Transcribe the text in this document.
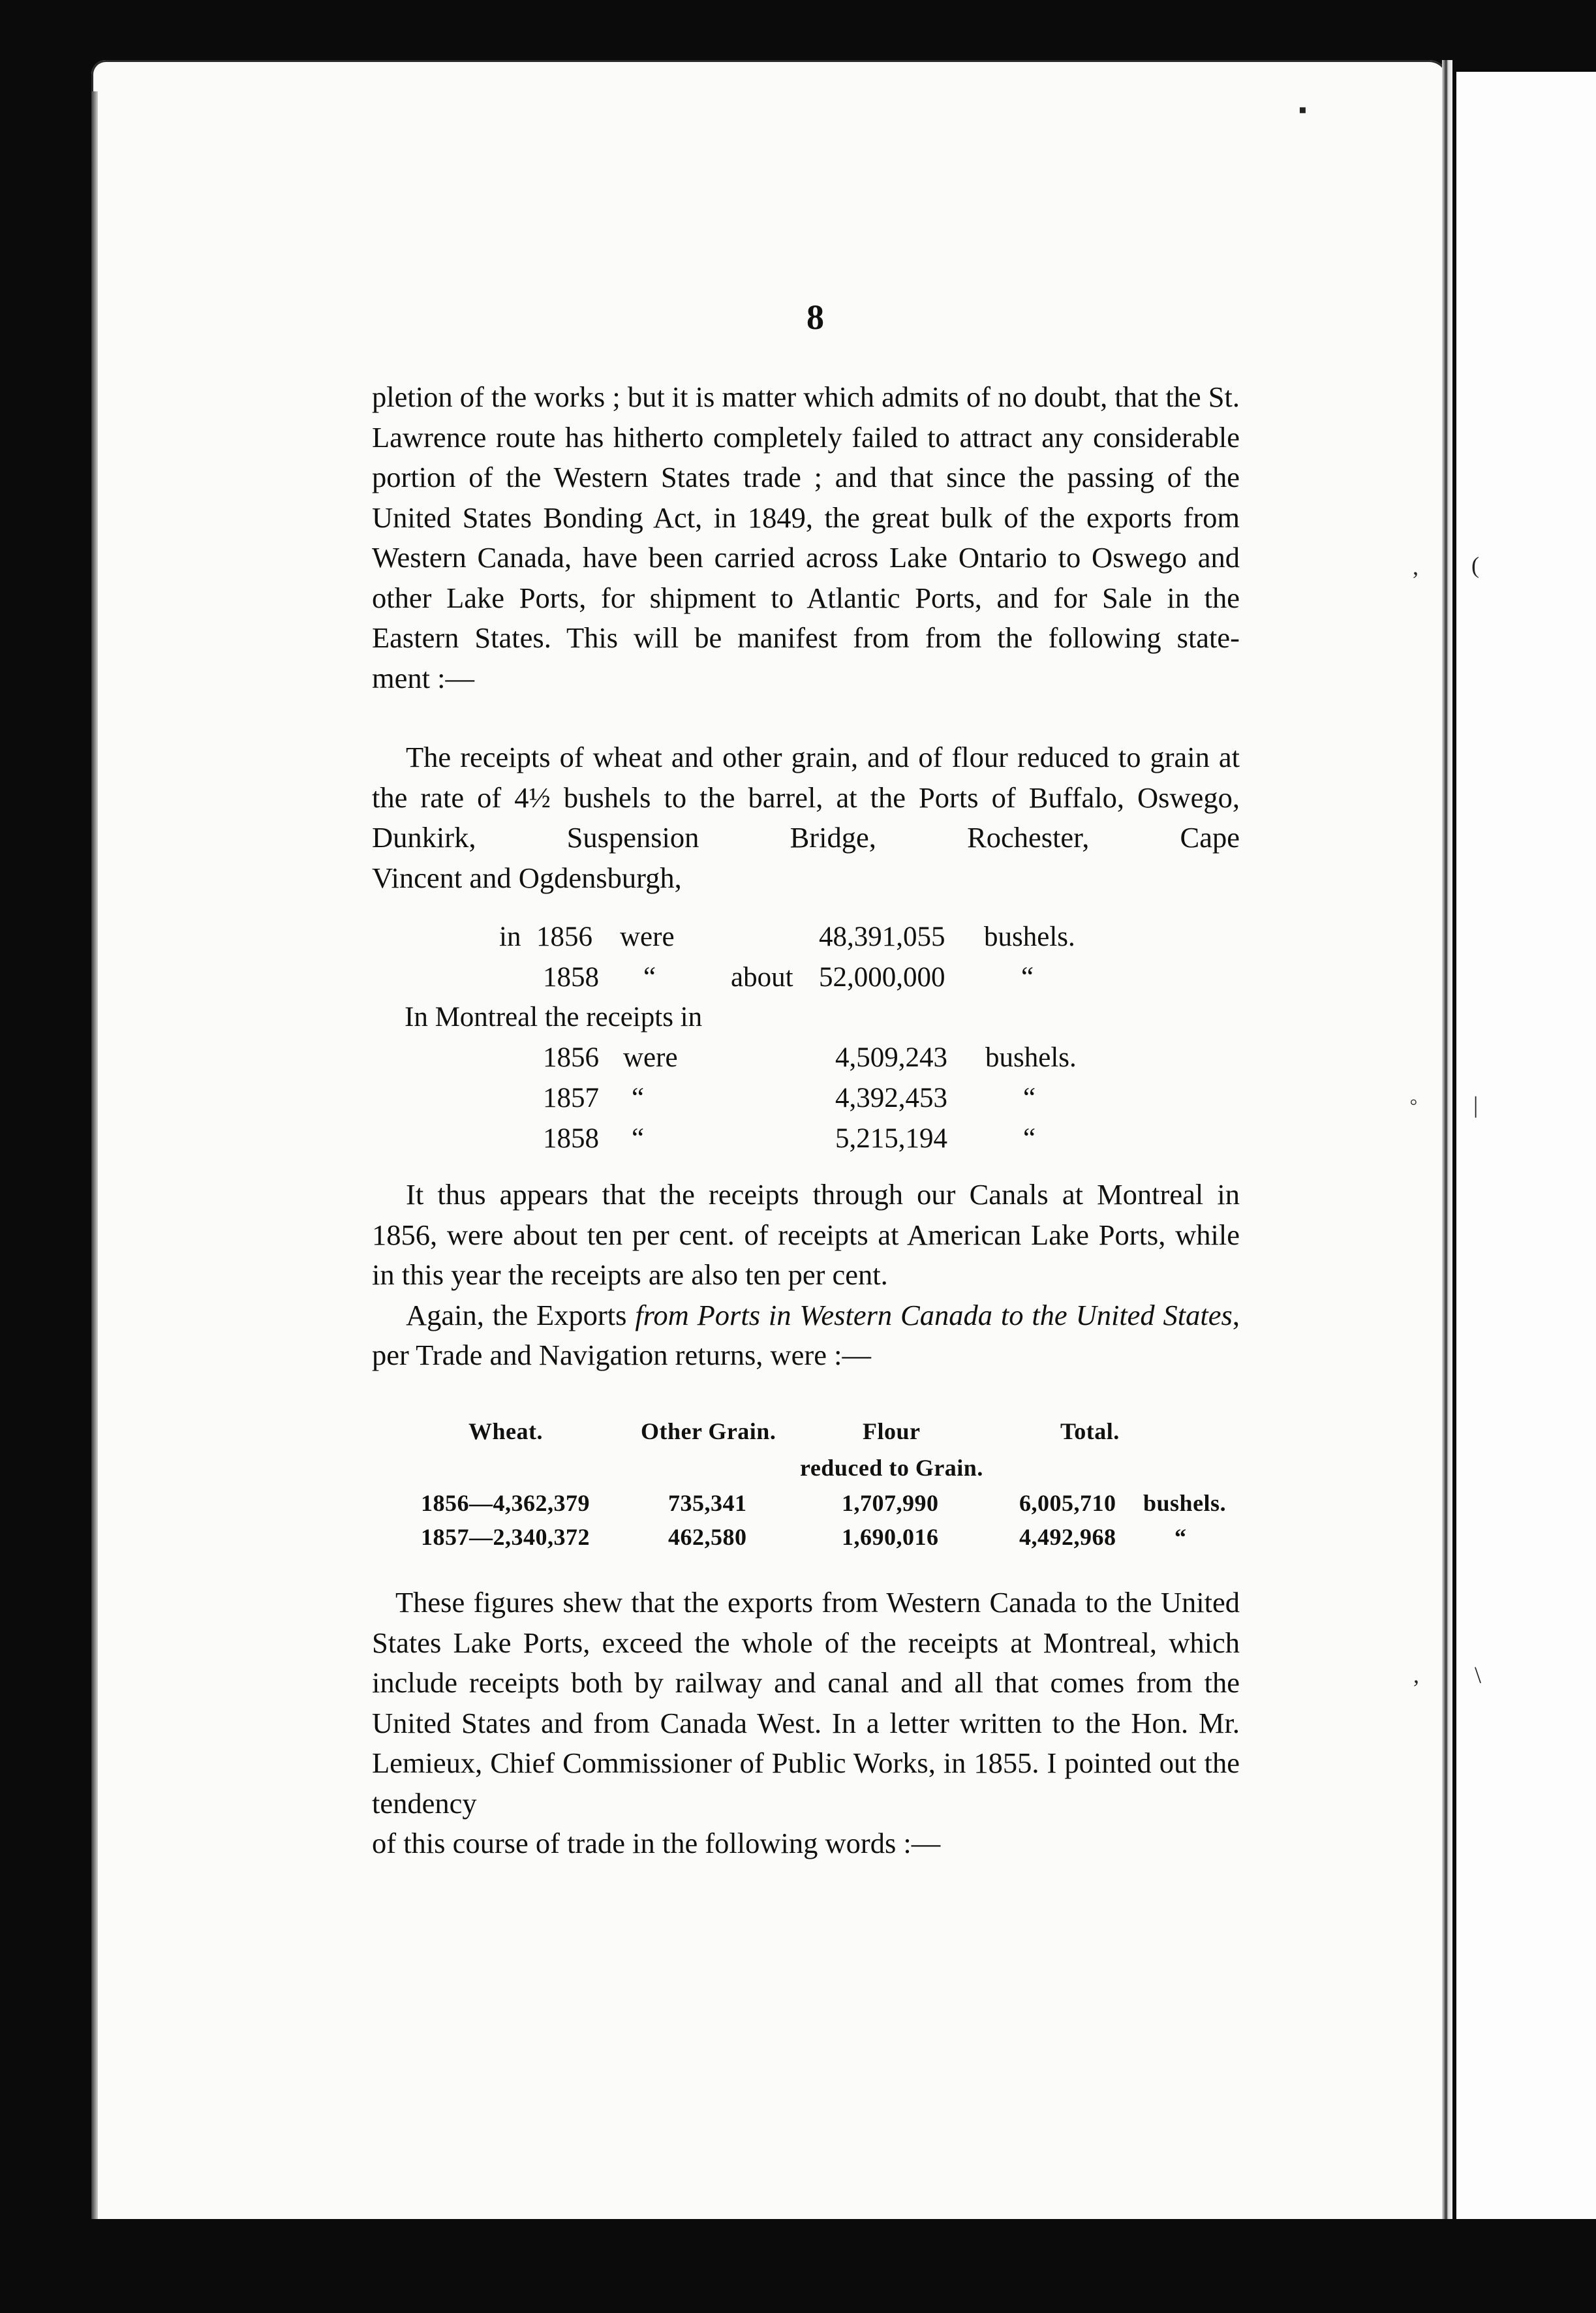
▪
, (
◦ |
, \
8
pletion of the works ; but it is matter which admits of no doubt, that the St. Lawrence route has hitherto completely failed to attract any considerable portion of the Western States trade ; and that since the passing of the United States Bonding Act, in 1849, the great bulk of the exports from Western Canada, have been carried across Lake Ontario to Oswego and other Lake Ports, for shipment to Atlantic Ports, and for Sale in the Eastern States. This will be manifest from from the following state-
ment :—
The receipts of wheat and other grain, and of flour reduced to grain at the rate of 4½ bushels to the barrel, at the Ports of Buffalo, Oswego, Dunkirk, Suspension Bridge, Rochester, Cape
Vincent and Ogdensburgh,
in 1856 were	48,391,055 bushels.
1858 “	about 52,000,000	“
In Montreal the receipts in
1856 were	4,509,243 bushels.
1857 “	4,392,453	“
1858 “	5,215,194	“
It thus appears that the receipts through our Canals at Montreal in 1856, were about ten per cent. of receipts at American Lake Ports, while in this year the receipts are also ten per cent.
Again, the Exports from Ports in Western Canada to the United States, per Trade and Navigation returns, were :—
Wheat.	Other Grain.	Flour	Total.
reduced to Grain.
1856—4,362,379	735,341	1,707,990	6,005,710 bushels.
1857—2,340,372	462,580	1,690,016	4,492,968 “
These figures shew that the exports from Western Canada to the United States Lake Ports, exceed the whole of the receipts at Montreal, which include receipts both by railway and canal and all that comes from the United States and from Canada West. In a letter written to the Hon. Mr. Lemieux, Chief Commissioner of Public Works, in 1855. I pointed out the tendency
of this course of trade in the following words :—
